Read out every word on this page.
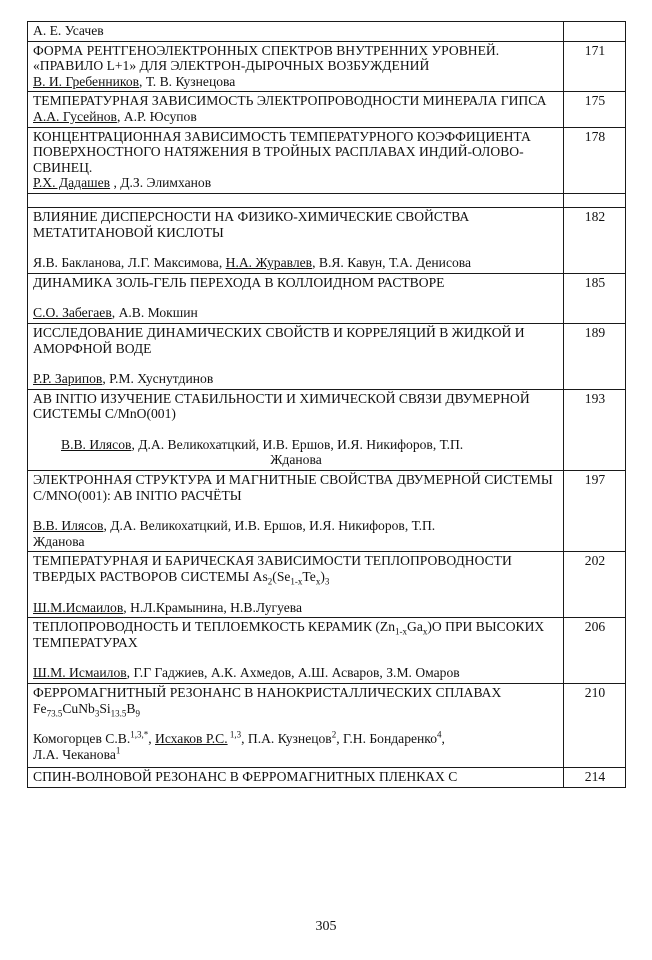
А. Е. Усачев	

ФОРМА РЕНТГЕНОЭЛЕКТРОННЫХ СПЕКТРОВ ВНУТРЕННИХ УРОВНЕЙ.
«ПРАВИЛО L+1» ДЛЯ ЭЛЕКТРОН-ДЫРОЧНЫХ ВОЗБУЖДЕНИЙ
В. И. Гребенников, Т. В. Кузнецова	171

ТЕМПЕРАТУРНАЯ ЗАВИСИМОСТЬ ЭЛЕКТРОПРОВОДНОСТИ МИНЕРАЛА ГИПСА
А.А. Гусейнов, А.Р. Юсупов	175

КОНЦЕНТРАЦИОННАЯ ЗАВИСИМОСТЬ ТЕМПЕРАТУРНОГО КОЭФФИЦИЕНТА ПОВЕРХНОСТНОГО НАТЯЖЕНИЯ В ТРОЙНЫХ РАСПЛАВАХ ИНДИЙ-ОЛОВО-СВИНЕЦ.
Р.Х. Дадашев , Д.З. Элимханов	178

ВЛИЯНИЕ ДИСПЕРСНОСТИ НА ФИЗИКО-ХИМИЧЕСКИЕ СВОЙСТВА МЕТАТИТАНОВОЙ КИСЛОТЫ
Я.В. Бакланова, Л.Г. Максимова, Н.А. Журавлев, В.Я. Кавун, Т.А. Денисова	182

ДИНАМИКА ЗОЛЬ-ГЕЛЬ ПЕРЕХОДА В КОЛЛОИДНОМ РАСТВОРЕ
С.О. Забегаев, А.В. Мокшин	185

ИССЛЕДОВАНИЕ ДИНАМИЧЕСКИХ СВОЙСТВ И КОРРЕЛЯЦИЙ В ЖИДКОЙ И АМОРФНОЙ ВОДЕ
Р.Р. Зарипов, Р.М. Хуснутдинов	189

AB INITIO ИЗУЧЕНИЕ СТАБИЛЬНОСТИ И ХИМИЧЕСКОЙ СВЯЗИ ДВУМЕРНОЙ СИСТЕМЫ C/MnO(001)
В.В. Илясов, Д.А. Великохатцкий, И.В. Ершов, И.Я. Никифоров, Т.П.
Жданова	193

ЭЛЕКТРОННАЯ СТРУКТУРА И МАГНИТНЫЕ СВОЙСТВА ДВУМЕРНОЙ СИСТЕМЫ C/MNO(001): AB INITIO РАСЧЁТЫ
В.В. Илясов, Д.А. Великохатцкий, И.В. Ершов, И.Я. Никифоров, Т.П.
Жданова	197

ТЕМПЕРАТУРНАЯ И БАРИЧЕСКАЯ ЗАВИСИМОСТИ ТЕПЛОПРОВОДНОСТИ ТВЕРДЫХ РАСТВОРОВ СИСТЕМЫ $As_2(Se_{1-x}Te_x)_3$
Ш.М.Исмаилов, Н.Л.Крамынина, Н.В.Лугуева	202

ТЕПЛОПРОВОДНОСТЬ И ТЕПЛОЕМКОСТЬ КЕРАМИК $(Zn_{1-x}Ga_x)O$ ПРИ ВЫСОКИХ ТЕМПЕРАТУРАХ
Ш.М. Исмаилов, Г.Г Гаджиев, А.К. Ахмедов, А.Ш. Асваров, З.М. Омаров	206

ФЕРРОМАГНИТНЫЙ РЕЗОНАНС В НАНОКРИСТАЛЛИЧЕСКИХ СПЛАВАХ $Fe_{73.5}CuNb_3Si_{13.5}B_9$
Комогорцев С.В.$^{1,3,*}$, Исхаков Р.С. $^{1,3}$, П.А. Кузнецов$^2$, Г.Н. Бондаренко$^4$,
Л.А. Чеканова$^1$	210

СПИН-ВОЛНОВОЙ РЕЗОНАНС В ФЕРРОМАГНИТНЫХ ПЛЕНКАХ С	214
305
